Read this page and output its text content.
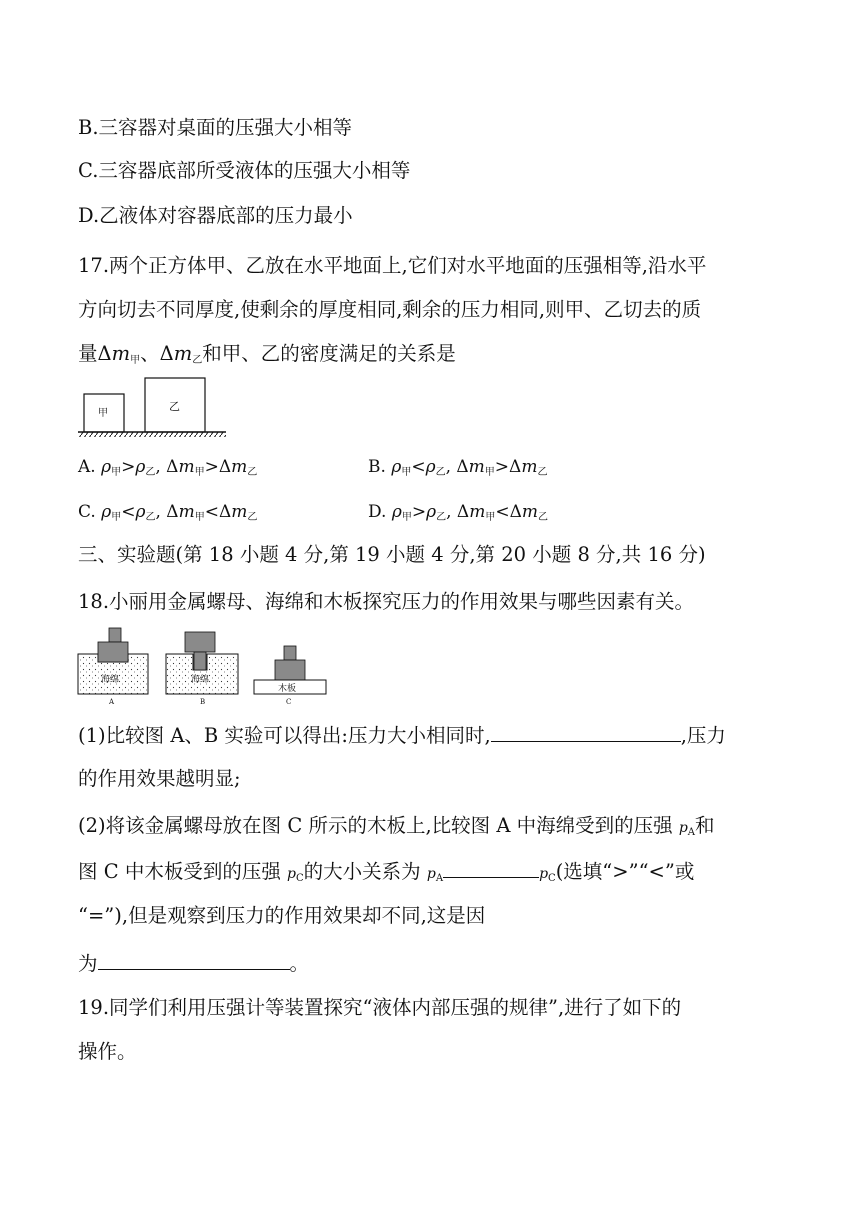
B.三容器对桌面的压强大小相等
C.三容器底部所受液体的压强大小相等
D.乙液体对容器底部的压力最小
17.两个正方体甲、乙放在水平地面上,它们对水平地面的压强相等,沿水平
方向切去不同厚度,使剩余的厚度相同,剩余的压力相同,则甲、乙切去的质
量$\Delta m_甲$、$\Delta m_乙$和甲、乙的密度满足的关系是
甲
乙
A. $\rho_甲>\rho_乙$, $\Delta m_甲>\Delta m_乙$	B. $\rho_甲<\rho_乙$, $\Delta m_甲>\Delta m_乙$
C. $\rho_甲<\rho_乙$, $\Delta m_甲<\Delta m_乙$	D. $\rho_甲>\rho_乙$, $\Delta m_甲<\Delta m_乙$
三、实验题(第 18 小题 4 分,第 19 小题 4 分,第 20 小题 8 分,共 16 分)
18.小丽用金属螺母、海绵和木板探究压力的作用效果与哪些因素有关。
海绵
A
海绵
B
木板
C
(1)比较图 A、B 实验可以得出:压力大小相同时,	,压力
的作用效果越明显;
(2)将该金属螺母放在图 C 所示的木板上,比较图 A 中海绵受到的压强 $p_A$和
图 C 中木板受到的压强 $p_C$的大小关系为 $p_A$	$p_C$(选填“>”“<”或
“=”),但是观察到压力的作用效果却不同,这是因
为	。
19.同学们利用压强计等装置探究“液体内部压强的规律”,进行了如下的
操作。
